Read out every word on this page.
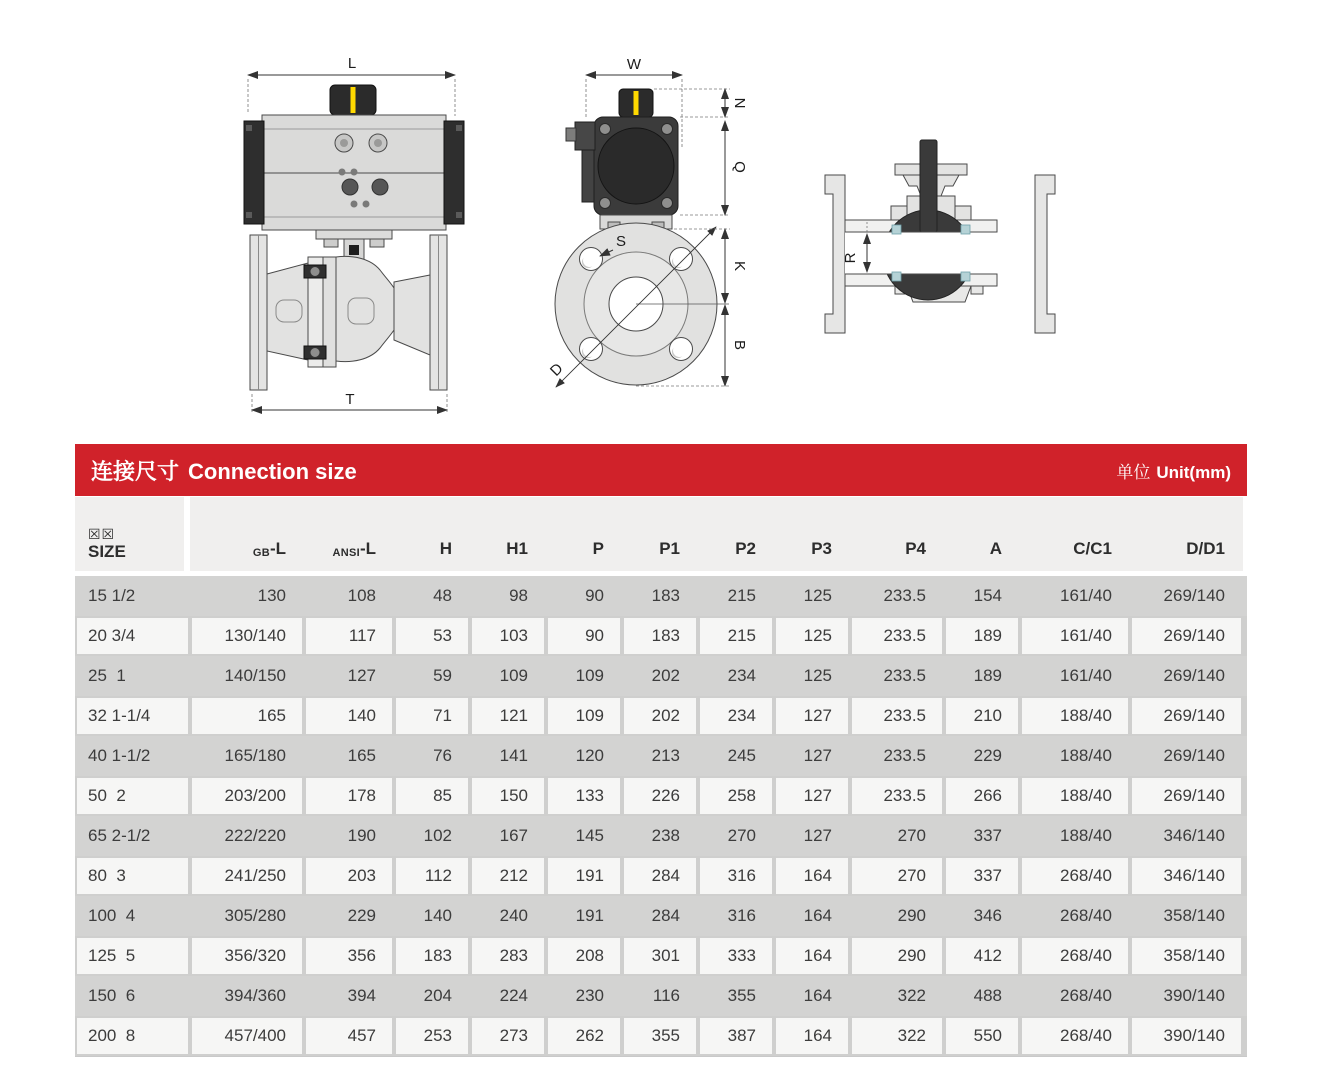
L
T
W
S
D
N
Q
K
B
R
连接尺寸 Connection size	单位 Unit(mm)
☒☒
SIZE	GB -L	ANSI -L	H	H1	P	P1	P2	P3	P4	A	C/C1	D/D1
15 1/2	130	108	48	98	90	183	215	125	233.5	154	161/40	269/140
20 3/4	130/140	117	53	103	90	183	215	125	233.5	189	161/40	269/140
25  1	140/150	127	59	109	109	202	234	125	233.5	189	161/40	269/140
32 1-1/4	165	140	71	121	109	202	234	127	233.5	210	188/40	269/140
40 1-1/2	165/180	165	76	141	120	213	245	127	233.5	229	188/40	269/140
50  2	203/200	178	85	150	133	226	258	127	233.5	266	188/40	269/140
65 2-1/2	222/220	190	102	167	145	238	270	127	270	337	188/40	346/140
80  3	241/250	203	112	212	191	284	316	164	270	337	268/40	346/140
100  4	305/280	229	140	240	191	284	316	164	290	346	268/40	358/140
125  5	356/320	356	183	283	208	301	333	164	290	412	268/40	358/140
150  6	394/360	394	204	224	230	116	355	164	322	488	268/40	390/140
200  8	457/400	457	253	273	262	355	387	164	322	550	268/40	390/140
